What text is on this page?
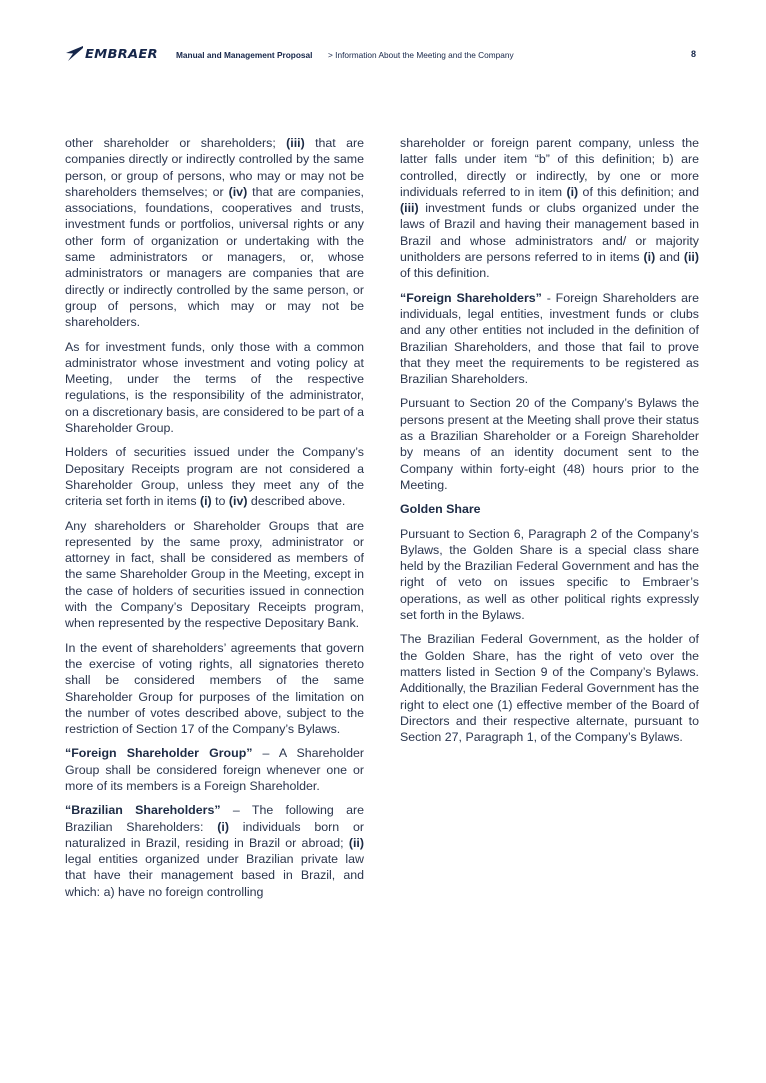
EMBRAER Manual and Management Proposal > Information About the Meeting and the Company	8

other shareholder or shareholders; (iii) that are companies directly or indirectly controlled by the same person, or group of persons, who may or may not be shareholders themselves; or (iv) that are companies, associations, foundations, cooperatives and trusts, investment funds or portfolios, universal rights or any other form of organization or undertaking with the same administrators or managers, or, whose administrators or managers are companies that are directly or indirectly controlled by the same person, or group of persons, which may or may not be shareholders.

As for investment funds, only those with a common administrator whose investment and voting policy at Meeting, under the terms of the respective regulations, is the responsibility of the administrator, on a discretionary basis, are considered to be part of a Shareholder Group.

Holders of securities issued under the Company’s Depositary Receipts program are not considered a Shareholder Group, unless they meet any of the criteria set forth in items (i) to (iv) described above.

Any shareholders or Shareholder Groups that are represented by the same proxy, administrator or attorney in fact, shall be considered as members of the same Shareholder Group in the Meeting, except in the case of holders of securities issued in connection with the Company’s Depositary Receipts program, when represented by the respective Depositary Bank.

In the event of shareholders’ agreements that govern the exercise of voting rights, all signatories thereto shall be considered members of the same Shareholder Group for purposes of the limitation on the number of votes described above, subject to the restriction of Section 17 of the Company’s Bylaws.

“Foreign Shareholder Group” – A Shareholder Group shall be considered foreign whenever one or more of its members is a Foreign Shareholder.

“Brazilian Shareholders” – The following are Brazilian Shareholders: (i) individuals born or naturalized in Brazil, residing in Brazil or abroad; (ii) legal entities organized under Brazilian private law that have their management based in Brazil, and which: a) have no foreign controlling

shareholder or foreign parent company, unless the latter falls under item “b” of this definition; b) are controlled, directly or indirectly, by one or more individuals referred to in item (i) of this definition; and (iii) investment funds or clubs organized under the laws of Brazil and having their management based in Brazil and whose administrators and/ or majority unitholders are persons referred to in items (i) and (ii) of this definition.

“Foreign Shareholders” - Foreign Shareholders are individuals, legal entities, investment funds or clubs and any other entities not included in the definition of Brazilian Shareholders, and those that fail to prove that they meet the requirements to be registered as Brazilian Shareholders.

Pursuant to Section 20 of the Company’s Bylaws the persons present at the Meeting shall prove their status as a Brazilian Shareholder or a Foreign Shareholder by means of an identity document sent to the Company within forty-eight (48) hours prior to the Meeting.

Golden Share

Pursuant to Section 6, Paragraph 2 of the Company’s Bylaws, the Golden Share is a special class share held by the Brazilian Federal Government and has the right of veto on issues specific to Embraer’s operations, as well as other political rights expressly set forth in the Bylaws.

The Brazilian Federal Government, as the holder of the Golden Share, has the right of veto over the matters listed in Section 9 of the Company’s Bylaws. Additionally, the Brazilian Federal Government has the right to elect one (1) effective member of the Board of Directors and their respective alternate, pursuant to Section 27, Paragraph 1, of the Company’s Bylaws.
